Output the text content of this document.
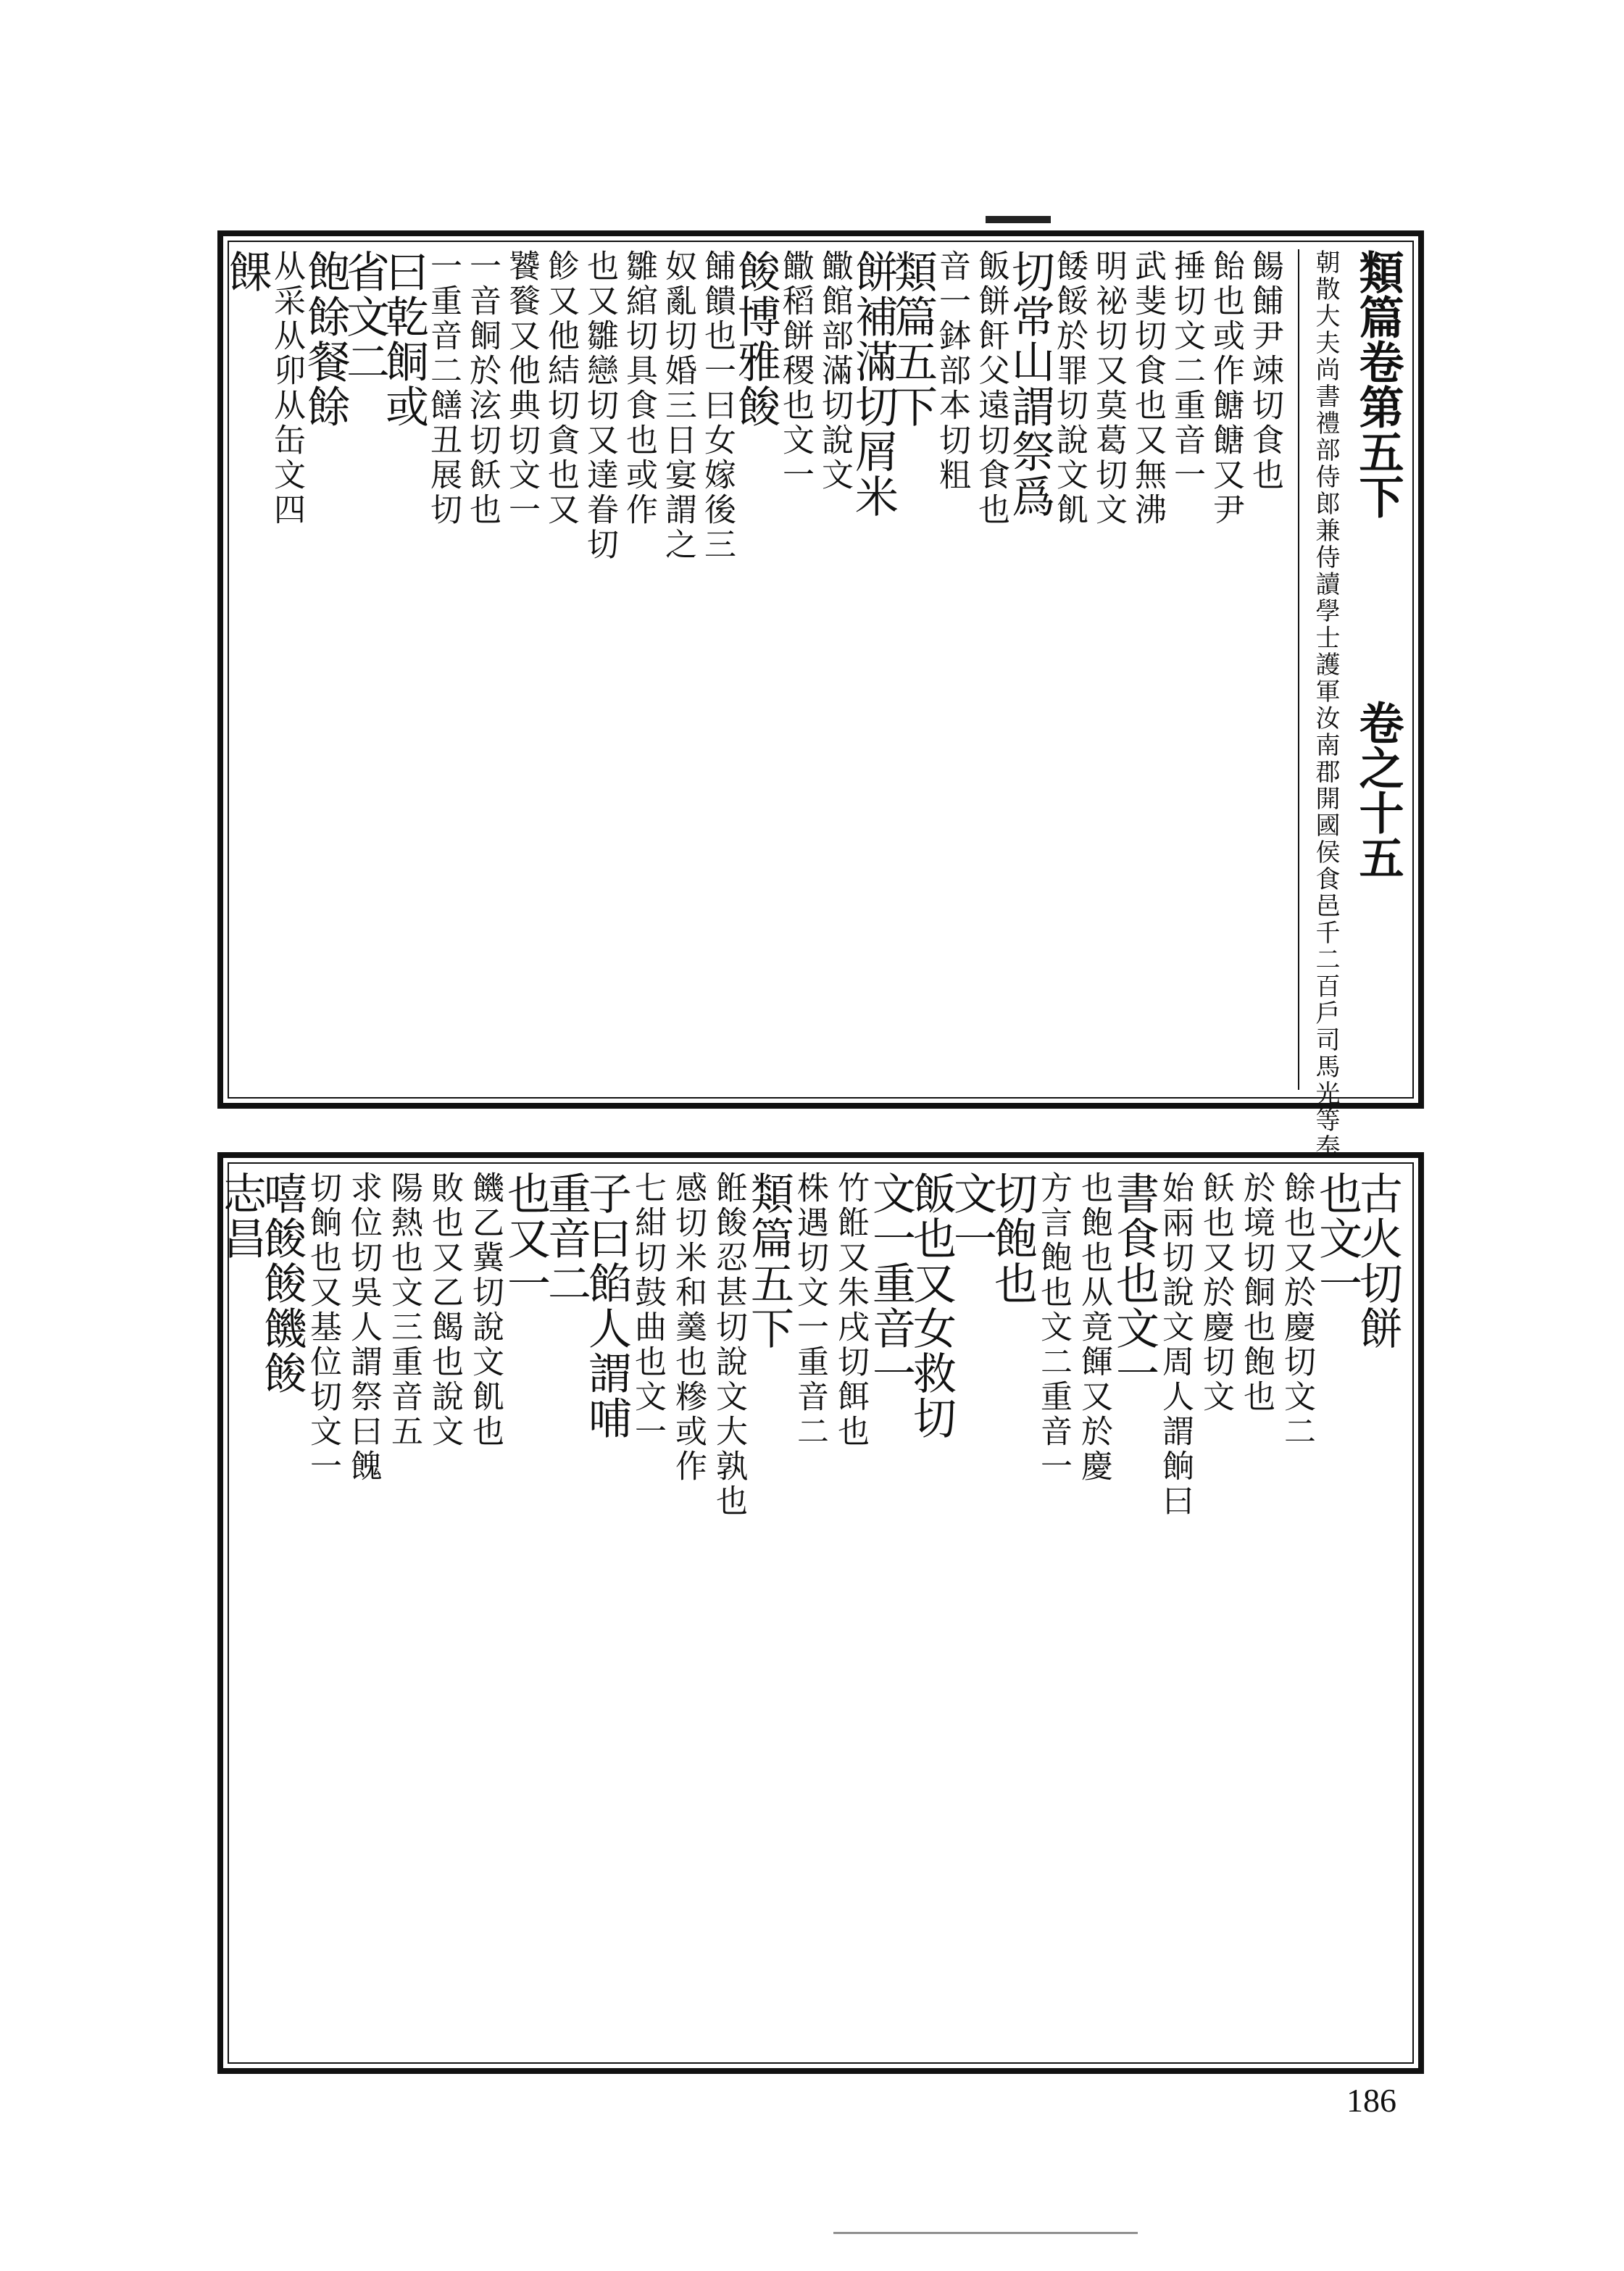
類篇卷第五下
卷之十五
朝散大夫尚書禮部侍郎兼侍讀學士護軍汝南郡開國侯食邑千二百戶司馬光等奉
餳餔尹竦切食也
飴也或作餹餹又尹
捶切文二重音一
武斐切食也又無沸
明祕切又莫葛切文
餧餒於罪切說文飢
切常山謂祭爲
飯餅飦父遠切食也
音一鉢部本切粗
類篇五下
餅補滿切屑米
饊館部滿切說文
饊稻餅稷也文一
餕博雅餕
餔饋也一曰女嫁後三
奴亂切婚三日宴謂之
雛綰切具食也或作
也又雛戀切又達眷切
飻又他結切貪也又
饕餮又他典切文一
一音餇於泫切飫也
一重音二饍丑展切
曰乾餇或
省文二
飽餘餐餘
从采从卯从缶文四
餜
古火切餅
也文一
餘也又於慶切文二
於境切餇也飽也
飫也又於慶切文
始兩切說文周人謂餉曰
書食也文一
也飽也从竟餫又於慶
方言飽也文二重音一
切飽也
文一
飯也又女救切
文一重音一
竹餁又朱戌切餌也
株遇切文一重音二
類篇五下
餁餕忍甚切說文大孰也
感切米和羹也糝或作
七紺切鼓曲也文一
子曰餡人謂哺
重音二
也又一
饑乙冀切說文飢也
敗也又乙餲也說文
陽熱也文三重音五
求位切吳人謂祭曰餽
切餉也又基位切文一
嘻餕餕饑餕
志昌
186
